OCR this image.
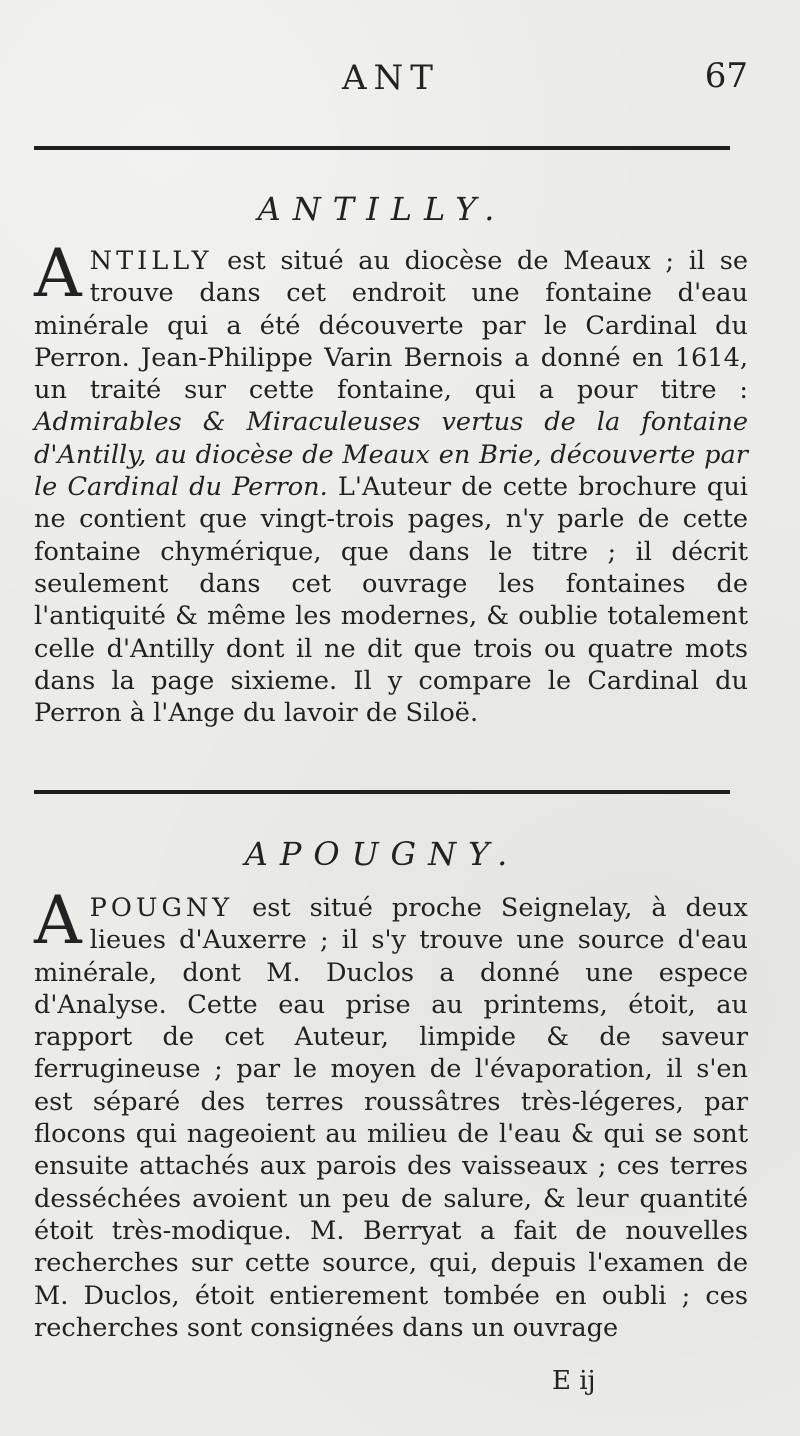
ANT	67
ANTILLY.
A NTILLY est situé au diocèse de Meaux ; il se trouve dans cet endroit une fontaine d'eau minérale qui a été découverte par le Cardinal du Perron. Jean-Philippe Varin Bernois a donné en 1614, un traité sur cette fontaine, qui a pour titre : Admirables & Miraculeuses vertus de la fontaine d'Antilly, au diocèse de Meaux en Brie, découverte par le Cardinal du Perron. L'Auteur de cette brochure qui ne contient que vingt-trois pages, n'y parle de cette fontaine chymérique, que dans le titre ; il décrit seulement dans cet ouvrage les fontaines de l'antiquité & même les modernes, & oublie totalement celle d'Antilly dont il ne dit que trois ou quatre mots dans la page sixieme. Il y compare le Cardinal du Perron à l'Ange du lavoir de Siloë.
APOUGNY.
A POUGNY est situé proche Seignelay, à deux lieues d'Auxerre ; il s'y trouve une source d'eau minérale, dont M. Duclos a donné une espece d'Analyse. Cette eau prise au printems, étoit, au rapport de cet Auteur, limpide & de saveur ferrugineuse ; par le moyen de l'évaporation, il s'en est séparé des terres roussâtres très-légeres, par flocons qui nageoient au milieu de l'eau & qui se sont ensuite attachés aux parois des vaisseaux ; ces terres desséchées avoient un peu de salure, & leur quantité étoit très-modique. M. Berryat a fait de nouvelles recherches sur cette source, qui, depuis l'examen de M. Duclos, étoit entierement tombée en oubli ; ces recherches sont consignées dans un ouvrage
E ij
